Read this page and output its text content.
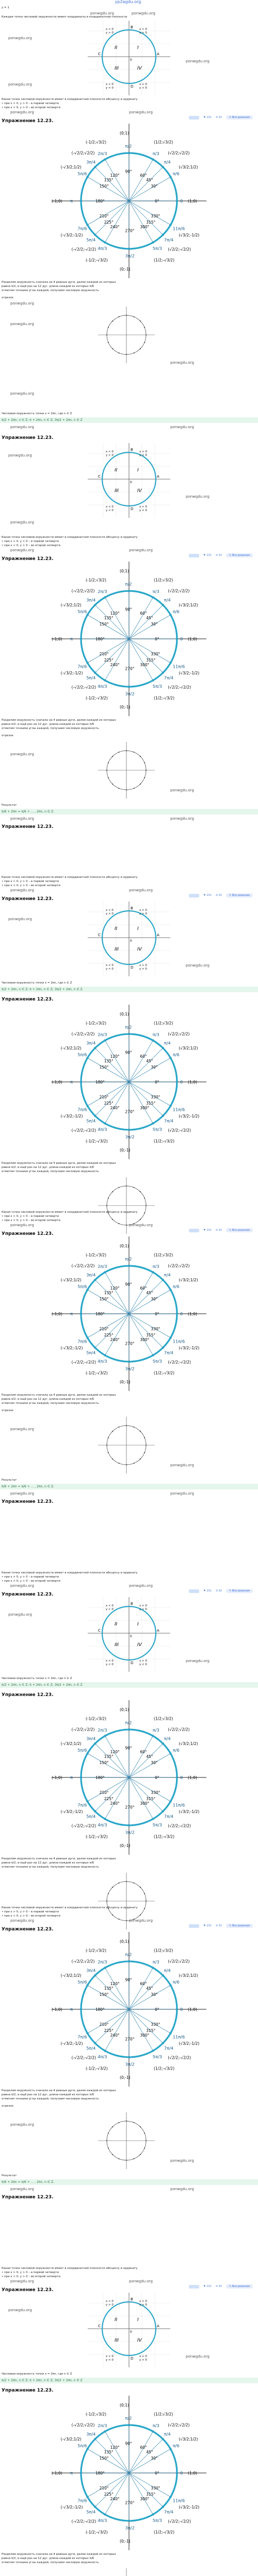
yp2agdu.org
y = 1
ponwgdu.org	ponwgdu.org
Каждая точка числовой окружности имеет координаты в координатной плоскости
I
II
III	IV
x > 0
y > 0
x < 0
y > 0
x < 0
y < 0
x > 0
y < 0
A
B
C
D
0
ponwgdu.org
ponwgdu.org
ponwgdu.org
Какая точка числовой окружности имеет в координатной плоскости абсциссу и ординату
• при x > 0, y > 0 – в первой четверти
• при x < 0, y > 0 – во второй четверти
ponwgdu.org	ponwgdu.org
⚑ 131 ⟲ 32	✎ Все решения
Упражнение 12.23.
0°	0 (1;0)
30°
π/6
(√3/2;1/2)
45°
π/4
(√2/2;√2/2)
60°
π/3
(1/2;√3/2)
90°
π/2
(0;1)
120°
2π/3
(-1/2;√3/2)
135°
3π/4
(-√2/2;√2/2)
150°
5π/6
(-√3/2;1/2)
180°
π
(-1;0)
210°
7π/6
(-√3/2;-1/2)
225°
5π/4
(-√2/2;-√2/2)
240°
4π/3
(-1/2;-√3/2)
270°
3π/2
(0;-1)
300°
5π/3
(1/2;-√3/2)
315°
7π/4
(√2/2;-√2/2)
330°
11π/6
(√3/2;-1/2)
Разделим окружность сначала на 4 равные дуги, далее каждой из которых
равна π/2, и ещё раз на 12 дуг, длина каждой из которых π/6
отметим точками углы каждой, получаем числовую окружность
отрезок
ponwgdu.org
ponwgdu.org
ponwgdu.org
ponwgdu.org
Числовая окружность точки x = 2πn, где n ∈ Z
π/2 + 2πn, n ∈ Z; π + 2πn, n ∈ Z; 3π/2 + 2πn, n ∈ Z
ponwgdu.org	ponwgdu.org
Упражнение 12.23.
I
II
III	IV
x > 0
y > 0
x < 0
y > 0
x < 0
y < 0
x > 0
y < 0
A
B
C
D
0
ponwgdu.org
ponwgdu.org
ponwgdu.org
Какая точка числовой окружности имеет в координатной плоскости абсциссу и ординату
• при x > 0, y > 0 – в первой четверти
• при x < 0, y > 0 – во второй четверти
ponwgdu.org	ponwgdu.org
⚑ 131 ⟲ 32	✎ Все решения
Упражнение 12.23.
0°	0 (1;0)
30°
π/6
(√3/2;1/2)
45°
π/4
(√2/2;√2/2)
60°
π/3
(1/2;√3/2)
90°
π/2
(0;1)
120°
2π/3
(-1/2;√3/2)
135°
3π/4
(-√2/2;√2/2)
150°
5π/6
(-√3/2;1/2)
180°
π
(-1;0)
210°
7π/6
(-√3/2;-1/2)
225°
5π/4
(-√2/2;-√2/2)
240°
4π/3
(-1/2;-√3/2)
270°
3π/2
(0;-1)
300°
5π/3
(1/2;-√3/2)
315°
7π/4
(√2/2;-√2/2)
330°
11π/6
(√3/2;-1/2)
Разделим окружность сначала на 4 равные дуги, далее каждой из которых
равна π/2, и ещё раз на 12 дуг, длина каждой из которых π/6
отметим точками углы каждой, получаем числовую окружность
отрезок
ponwgdu.org
ponwgdu.org
Результат
π/6 + 2πn = π/6 + ... , 2πn, n ∈ Z.
ponwgdu.org	ponwgdu.org
Упражнение 12.23.
Какая точка числовой окружности имеет в координатной плоскости абсциссу и ординату
• при x > 0, y > 0 – в первой четверти
• при x < 0, y > 0 – во второй четверти
ponwgdu.org	ponwgdu.org
⚑ 131 ⟲ 32	✎ Все решения
Упражнение 12.23.
I
II
III	IV
x > 0
y > 0
x < 0
y > 0
x < 0
y < 0
x > 0
y < 0
A
B
C
D
0
ponwgdu.org
ponwgdu.org
Числовая окружность точки x = 2πn, где n ∈ Z
π/2 + 2πn, n ∈ Z; π + 2πn, n ∈ Z; 3π/2 + 2πn, n ∈ Z
Упражнение 12.23.
0°	0 (1;0)
30°
π/6
(√3/2;1/2)
45°
π/4
(√2/2;√2/2)
60°
π/3
(1/2;√3/2)
90°
π/2
(0;1)
120°
2π/3
(-1/2;√3/2)
135°
3π/4
(-√2/2;√2/2)
150°
5π/6
(-√3/2;1/2)
180°
π
(-1;0)
210°
7π/6
(-√3/2;-1/2)
225°
5π/4
(-√2/2;-√2/2)
240°
4π/3
(-1/2;-√3/2)
270°
3π/2
(0;-1)
300°
5π/3
(1/2;-√3/2)
315°
7π/4
(√2/2;-√2/2)
330°
11π/6
(√3/2;-1/2)
Разделим окружность сначала на 4 равные дуги, далее каждой из которых
равна π/2, и ещё раз на 12 дуг, длина каждой из которых π/6
отметим точками углы каждой, получаем числовую окружность
Какая точка числовой окружности имеет в координатной плоскости абсциссу и ординату
• при x > 0, y > 0 – в первой четверти
• при x < 0, y > 0 – во второй четверти
ponwgdu.org	ponwgdu.org
⚑ 131 ⟲ 32	✎ Все решения
Упражнение 12.23.
0°	0 (1;0)
30°
π/6
(√3/2;1/2)
45°
π/4
(√2/2;√2/2)
60°
π/3
(1/2;√3/2)
90°
π/2
(0;1)
120°
2π/3
(-1/2;√3/2)
135°
3π/4
(-√2/2;√2/2)
150°
5π/6
(-√3/2;1/2)
180°
π
(-1;0)
210°
7π/6
(-√3/2;-1/2)
225°
5π/4
(-√2/2;-√2/2)
240°
4π/3
(-1/2;-√3/2)
270°
3π/2
(0;-1)
300°
5π/3
(1/2;-√3/2)
315°
7π/4
(√2/2;-√2/2)
330°
11π/6
(√3/2;-1/2)
Разделим окружность сначала на 4 равные дуги, далее каждой из которых
равна π/2, и ещё раз на 12 дуг, длина каждой из которых π/6
отметим точками углы каждой, получаем числовую окружность
отрезок
ponwgdu.org
ponwgdu.org
Результат
π/6 + 2πn = π/6 + ... , 2πn, n ∈ Z.
ponwgdu.org	ponwgdu.org
Упражнение 12.23.
Какая точка числовой окружности имеет в координатной плоскости абсциссу и ординату
• при x > 0, y > 0 – в первой четверти
• при x < 0, y > 0 – во второй четверти
ponwgdu.org	ponwgdu.org
⚑ 131 ⟲ 32	✎ Все решения
Упражнение 12.23.
I
II
III	IV
x > 0
y > 0
x < 0
y > 0
x < 0
y < 0
x > 0
y < 0
A
B
C
D
0
ponwgdu.org
ponwgdu.org
Числовая окружность точки x = 2πn, где n ∈ Z
π/2 + 2πn, n ∈ Z; π + 2πn, n ∈ Z; 3π/2 + 2πn, n ∈ Z
Упражнение 12.23.
0°	0 (1;0)
30°
π/6
(√3/2;1/2)
45°
π/4
(√2/2;√2/2)
60°
π/3
(1/2;√3/2)
90°
π/2
(0;1)
120°
2π/3
(-1/2;√3/2)
135°
3π/4
(-√2/2;√2/2)
150°
5π/6
(-√3/2;1/2)
180°
π
(-1;0)
210°
7π/6
(-√3/2;-1/2)
225°
5π/4
(-√2/2;-√2/2)
240°
4π/3
(-1/2;-√3/2)
270°
3π/2
(0;-1)
300°
5π/3
(1/2;-√3/2)
315°
7π/4
(√2/2;-√2/2)
330°
11π/6
(√3/2;-1/2)
Разделим окружность сначала на 4 равные дуги, далее каждой из которых
равна π/2, и ещё раз на 12 дуг, длина каждой из которых π/6
отметим точками углы каждой, получаем числовую окружность
Какая точка числовой окружности имеет в координатной плоскости абсциссу и ординату
• при x > 0, y > 0 – в первой четверти
• при x < 0, y > 0 – во второй четверти
ponwgdu.org	ponwgdu.org
⚑ 131 ⟲ 32	✎ Все решения
Упражнение 12.23.
0°	0 (1;0)
30°
π/6
(√3/2;1/2)
45°
π/4
(√2/2;√2/2)
60°
π/3
(1/2;√3/2)
90°
π/2
(0;1)
120°
2π/3
(-1/2;√3/2)
135°
3π/4
(-√2/2;√2/2)
150°
5π/6
(-√3/2;1/2)
180°
π
(-1;0)
210°
7π/6
(-√3/2;-1/2)
225°
5π/4
(-√2/2;-√2/2)
240°
4π/3
(-1/2;-√3/2)
270°
3π/2
(0;-1)
300°
5π/3
(1/2;-√3/2)
315°
7π/4
(√2/2;-√2/2)
330°
11π/6
(√3/2;-1/2)
Разделим окружность сначала на 4 равные дуги, далее каждой из которых
равна π/2, и ещё раз на 12 дуг, длина каждой из которых π/6
отметим точками углы каждой, получаем числовую окружность
отрезок
ponwgdu.org
ponwgdu.org
Результат
π/6 + 2πn = π/6 + ... , 2πn, n ∈ Z.
ponwgdu.org	ponwgdu.org
Упражнение 12.23.
Какая точка числовой окружности имеет в координатной плоскости абсциссу и ординату
• при x > 0, y > 0 – в первой четверти
• при x < 0, y > 0 – во второй четверти
ponwgdu.org	ponwgdu.org
⚑ 131 ⟲ 32	✎ Все решения
Упражнение 12.23.
I
II
III	IV
x > 0
y > 0
x < 0
y > 0
x < 0
y < 0
x > 0
y < 0
A
B
C
D
0
ponwgdu.org
ponwgdu.org
Числовая окружность точки x = 2πn, где n ∈ Z
π/2 + 2πn, n ∈ Z; π + 2πn, n ∈ Z; 3π/2 + 2πn, n ∈ Z
Упражнение 12.23.
0°	0 (1;0)
30°
π/6
(√3/2;1/2)
45°
π/4
(√2/2;√2/2)
60°
π/3
(1/2;√3/2)
90°
π/2
(0;1)
120°
2π/3
(-1/2;√3/2)
135°
3π/4
(-√2/2;√2/2)
150°
5π/6
(-√3/2;1/2)
180°
π
(-1;0)
210°
7π/6
(-√3/2;-1/2)
225°
5π/4
(-√2/2;-√2/2)
240°
4π/3
(-1/2;-√3/2)
270°
3π/2
(0;-1)
300°
5π/3
(1/2;-√3/2)
315°
7π/4
(√2/2;-√2/2)
330°
11π/6
(√3/2;-1/2)
Разделим окружность сначала на 4 равные дуги, далее каждой из которых
равна π/2, и ещё раз на 12 дуг, длина каждой из которых π/6
отметим точками углы каждой, получаем числовую окружность
